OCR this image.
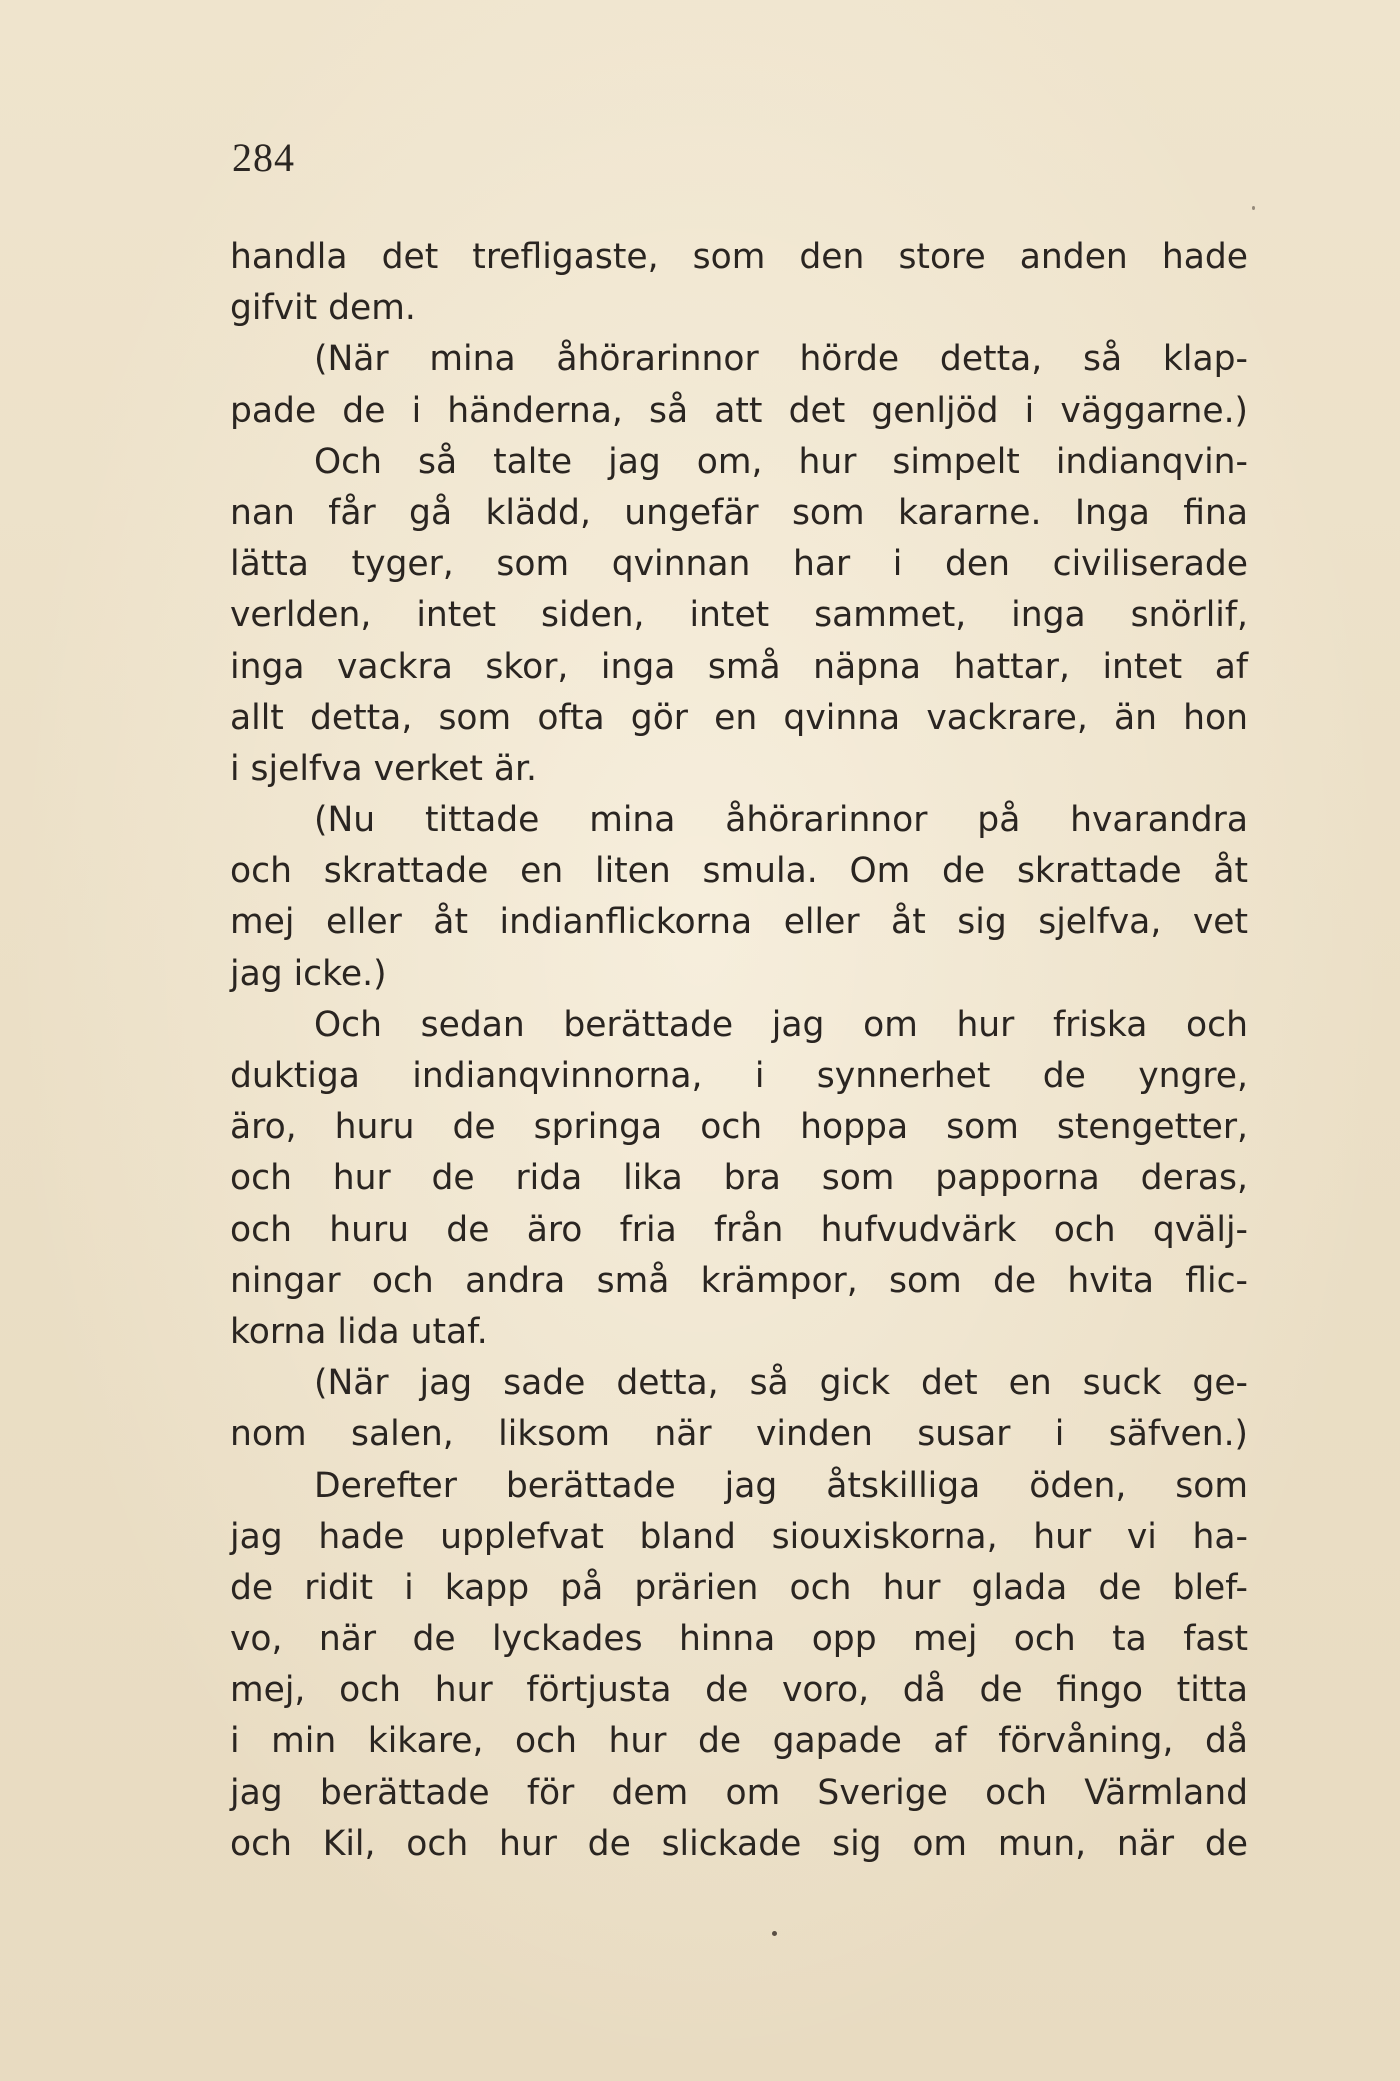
284
handla det trefligaste, som den store anden hade
gifvit dem.
(När mina åhörarinnor hörde detta, så klap-
pade de i händerna, så att det genljöd i väggarne.)
Och så talte jag om, hur simpelt indianqvin-
nan får gå klädd, ungefär som kararne. Inga fina
lätta tyger, som qvinnan har i den civiliserade
verlden, intet siden, intet sammet, inga snörlif,
inga vackra skor, inga små näpna hattar, intet af
allt detta, som ofta gör en qvinna vackrare, än hon
i sjelfva verket är.
(Nu tittade mina åhörarinnor på hvarandra
och skrattade en liten smula. Om de skrattade åt
mej eller åt indianflickorna eller åt sig sjelfva, vet
jag icke.)
Och sedan berättade jag om hur friska och
duktiga indianqvinnorna, i synnerhet de yngre,
äro, huru de springa och hoppa som stengetter,
och hur de rida lika bra som papporna deras,
och huru de äro fria från hufvudvärk och qvälj-
ningar och andra små krämpor, som de hvita flic-
korna lida utaf.
(När jag sade detta, så gick det en suck ge-
nom salen, liksom när vinden susar i säfven.)
Derefter berättade jag åtskilliga öden, som
jag hade upplefvat bland siouxiskorna, hur vi ha-
de ridit i kapp på prärien och hur glada de blef-
vo, när de lyckades hinna opp mej och ta fast
mej, och hur förtjusta de voro, då de fingo titta
i min kikare, och hur de gapade af förvåning, då
jag berättade för dem om Sverige och Värmland
och Kil, och hur de slickade sig om mun, när de
